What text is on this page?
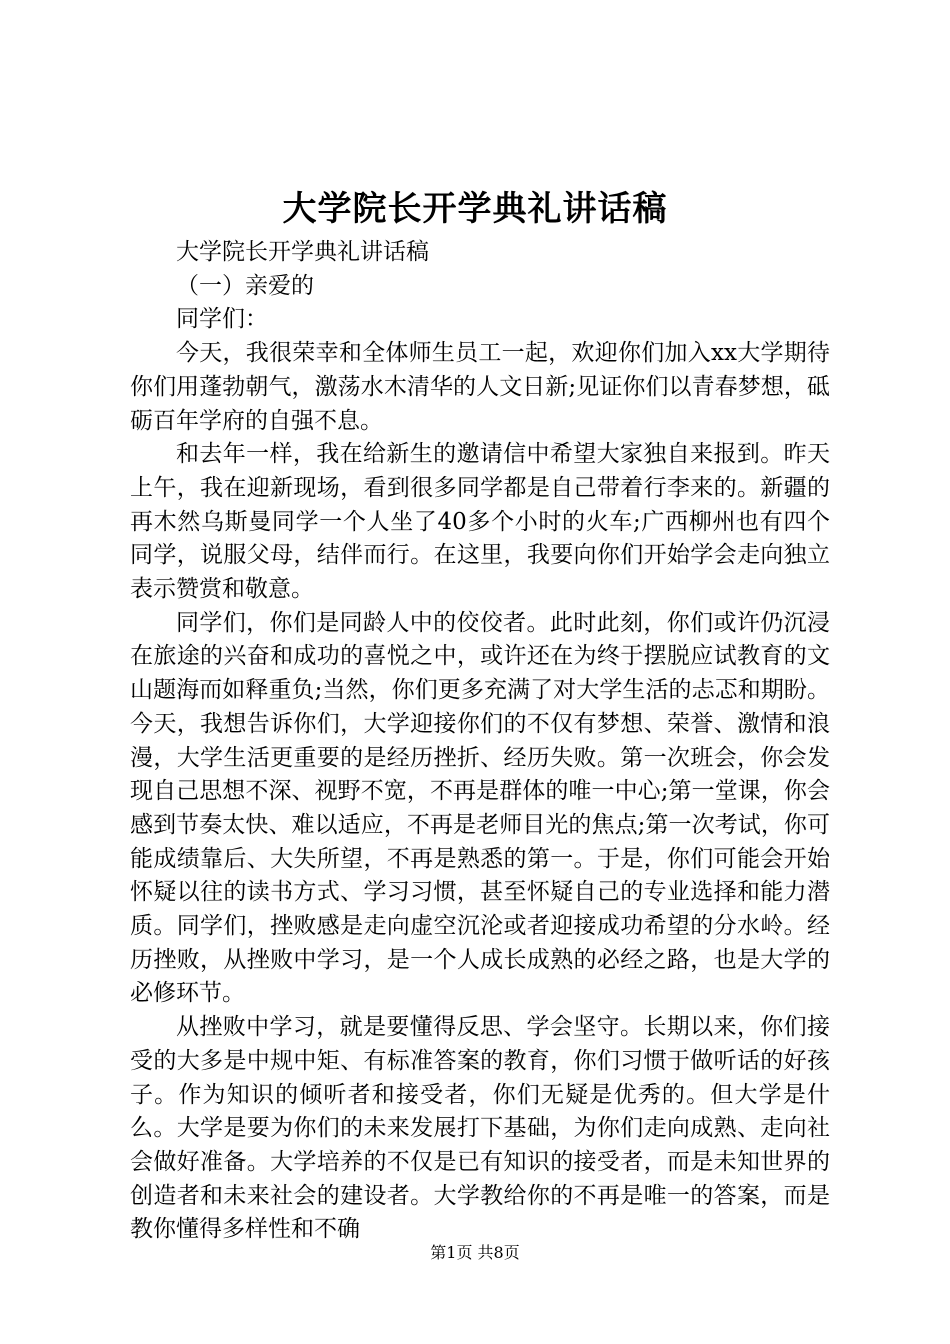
大学院长开学典礼讲话稿

大学院长开学典礼讲话稿

（一）亲爱的

同学们：

今天，我很荣幸和全体师生员工一起，欢迎你们加入xx大学期待你们用蓬勃朝气，激荡水木清华的人文日新;见证你们以青春梦想，砥砺百年学府的自强不息。

和去年一样，我在给新生的邀请信中希望大家独自来报到。昨天上午，我在迎新现场，看到很多同学都是自己带着行李来的。新疆的再木然乌斯曼同学一个人坐了40多个小时的火车;广西柳州也有四个同学，说服父母，结伴而行。在这里，我要向你们开始学会走向独立表示赞赏和敬意。

同学们，你们是同龄人中的佼佼者。此时此刻，你们或许仍沉浸在旅途的兴奋和成功的喜悦之中，或许还在为终于摆脱应试教育的文山题海而如释重负;当然，你们更多充满了对大学生活的忐忑和期盼。今天，我想告诉你们，大学迎接你们的不仅有梦想、荣誉、激情和浪漫，大学生活更重要的是经历挫折、经历失败。第一次班会，你会发现自己思想不深、视野不宽，不再是群体的唯一中心;第一堂课，你会感到节奏太快、难以适应，不再是老师目光的焦点;第一次考试，你可能成绩靠后、大失所望，不再是熟悉的第一。于是，你们可能会开始怀疑以往的读书方式、学习习惯，甚至怀疑自己的专业选择和能力潜质。同学们，挫败感是走向虚空沉沦或者迎接成功希望的分水岭。经历挫败，从挫败中学习，是一个人成长成熟的必经之路，也是大学的必修环节。

从挫败中学习，就是要懂得反思、学会坚守。长期以来，你们接受的大多是中规中矩、有标准答案的教育，你们习惯于做听话的好孩子。作为知识的倾听者和接受者，你们无疑是优秀的。但大学是什么。大学是要为你们的未来发展打下基础，为你们走向成熟、走向社会做好准备。大学培养的不仅是已有知识的接受者，而是未知世界的创造者和未来社会的建设者。大学教给你的不再是唯一的答案，而是教你懂得多样性和不确

第1页 共8页
